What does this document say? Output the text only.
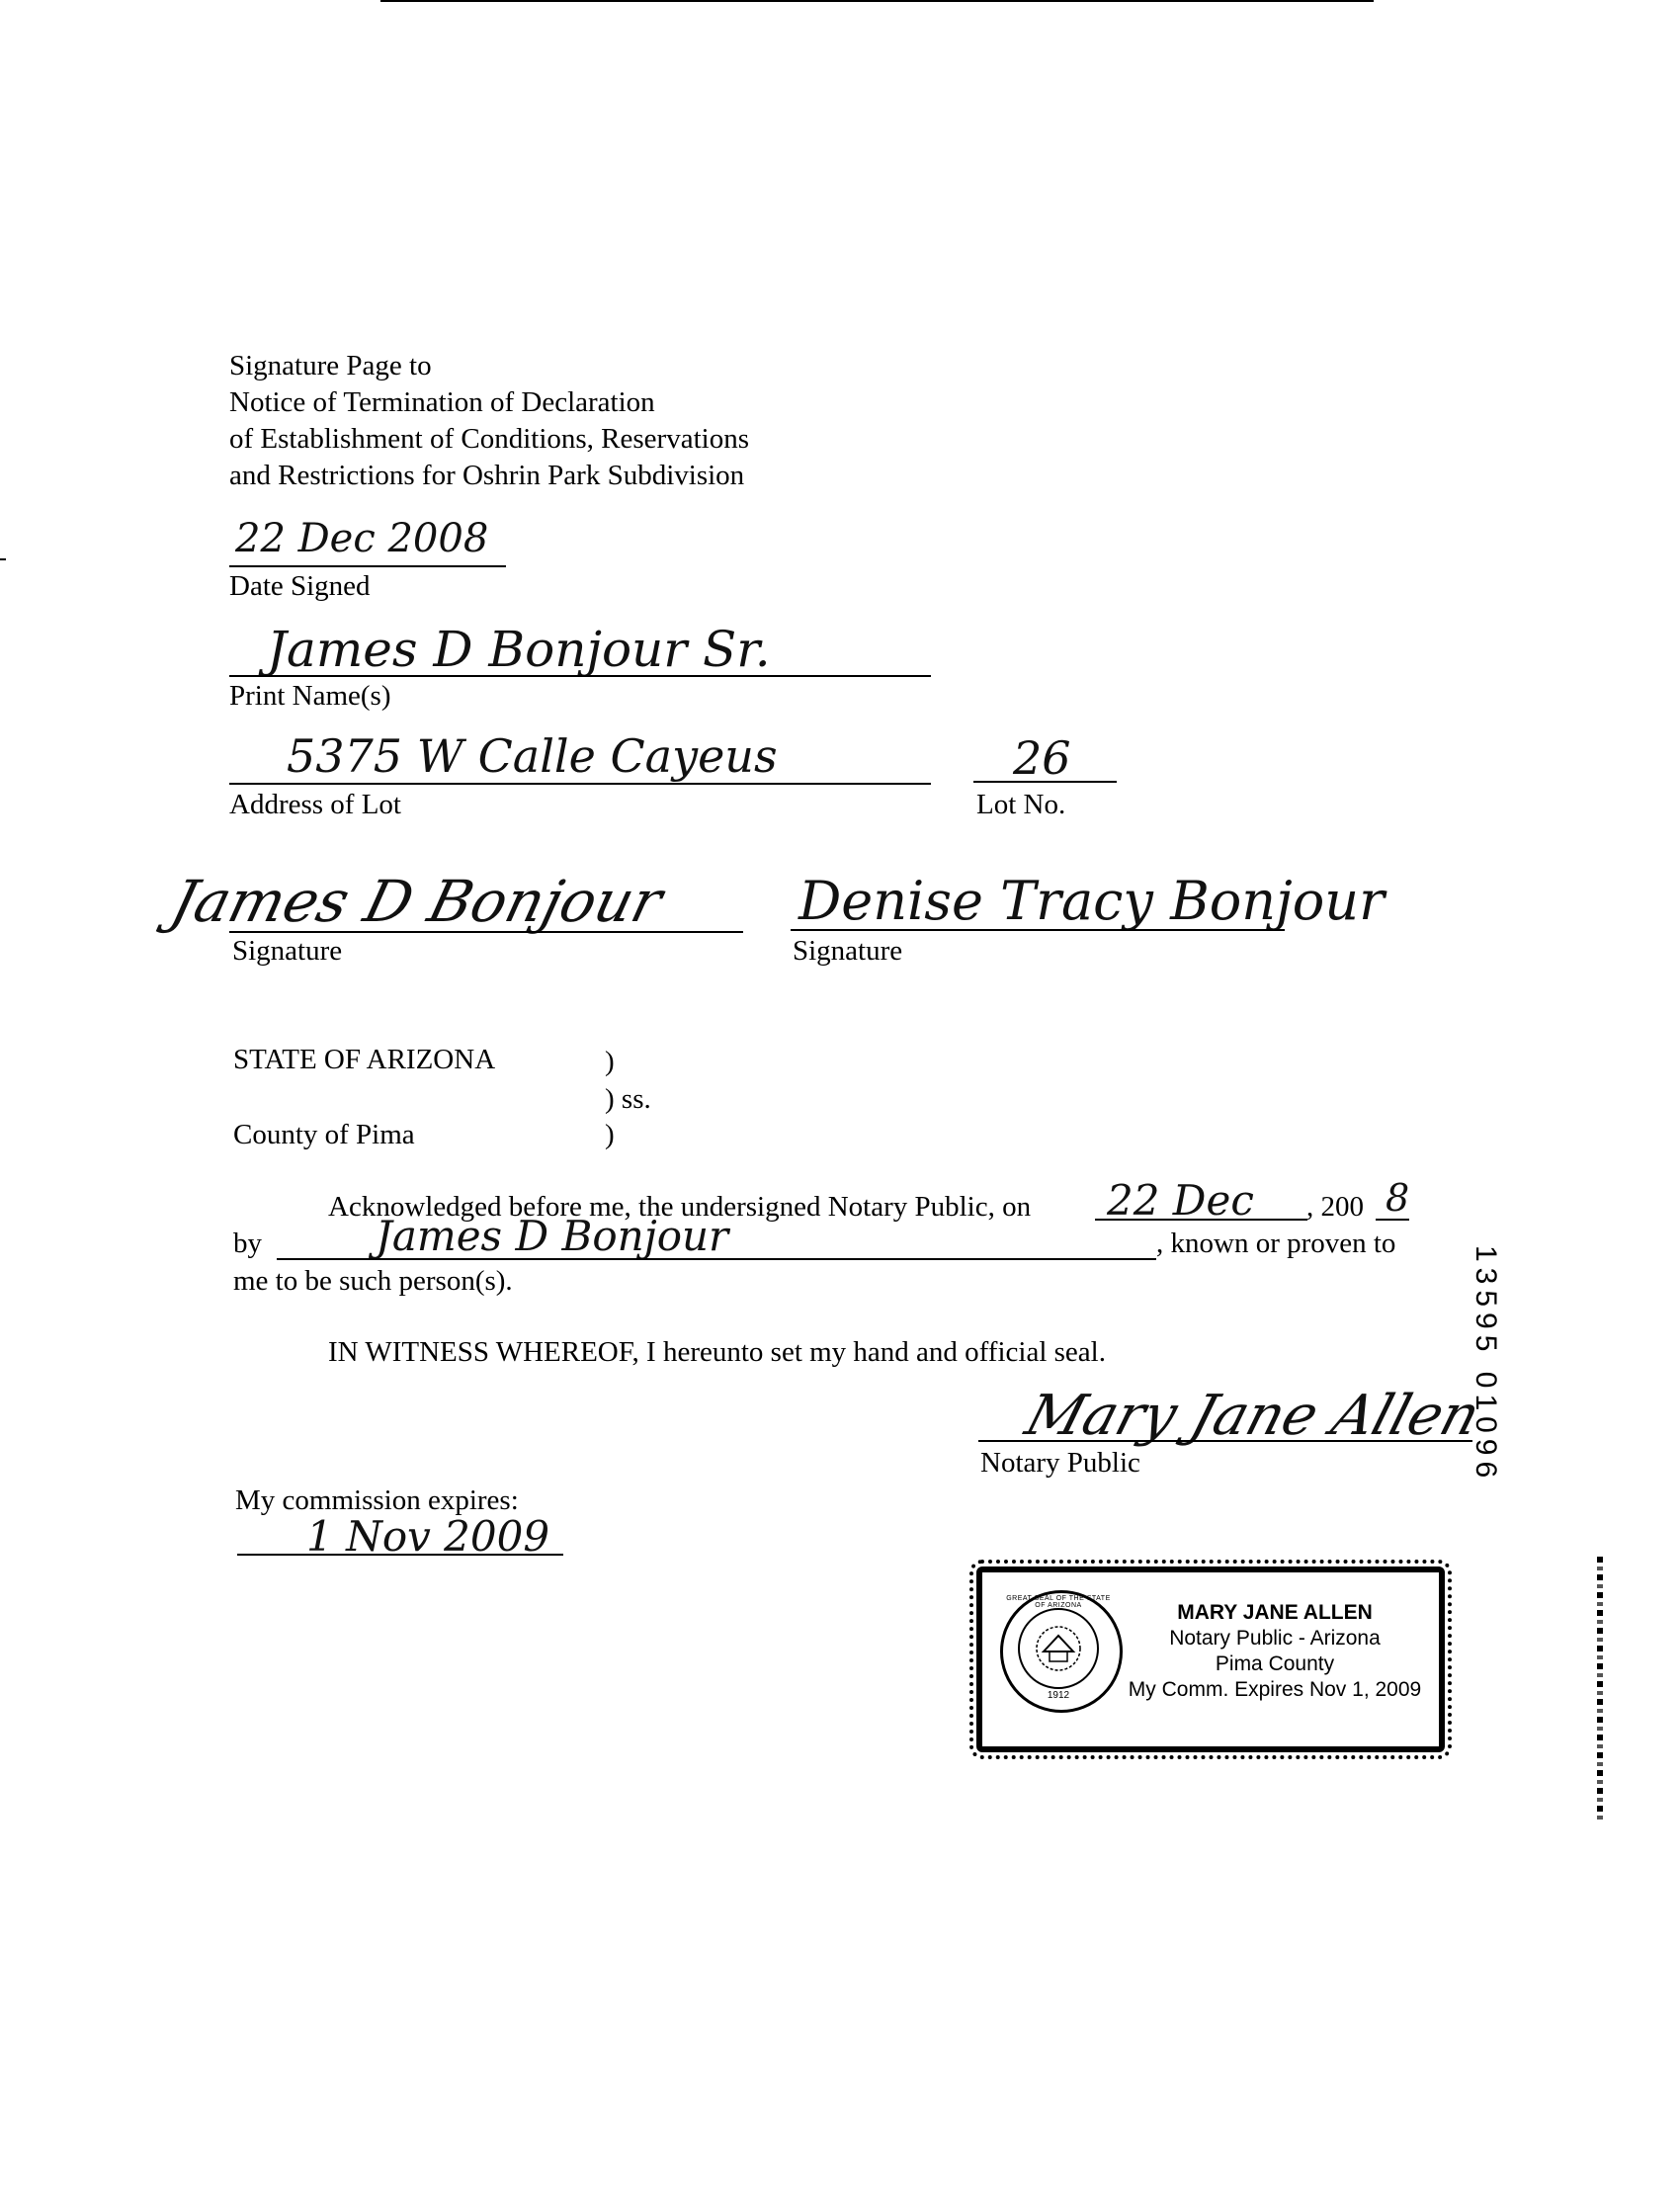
Signature Page to
Notice of Termination of Declaration
of Establishment of Conditions, Reservations
and Restrictions for Oshrin Park Subdivision
22 Dec 2008
Date Signed
James D Bonjour Sr.
Print Name(s)
5375 W Calle Cayeus
Address of Lot
26
Lot No.
James D Bonjour
Signature
Denise Tracy Bonjour
Signature
STATE OF ARIZONA	)
) ss.
County of Pima	)
Acknowledged before me, the undersigned Notary Public, on 22 Dec , 200 8
by	James D Bonjour	, known or proven to
me to be such person(s).
IN WITNESS WHEREOF, I hereunto set my hand and official seal.
Mary Jane Allen
Notary Public
My commission expires:
1 Nov 2009
GREAT SEAL OF THE STATE OF ARIZONA
1912
MARY JANE ALLEN
Notary Public - Arizona
Pima County
My Comm. Expires Nov 1, 2009
13595 01096
